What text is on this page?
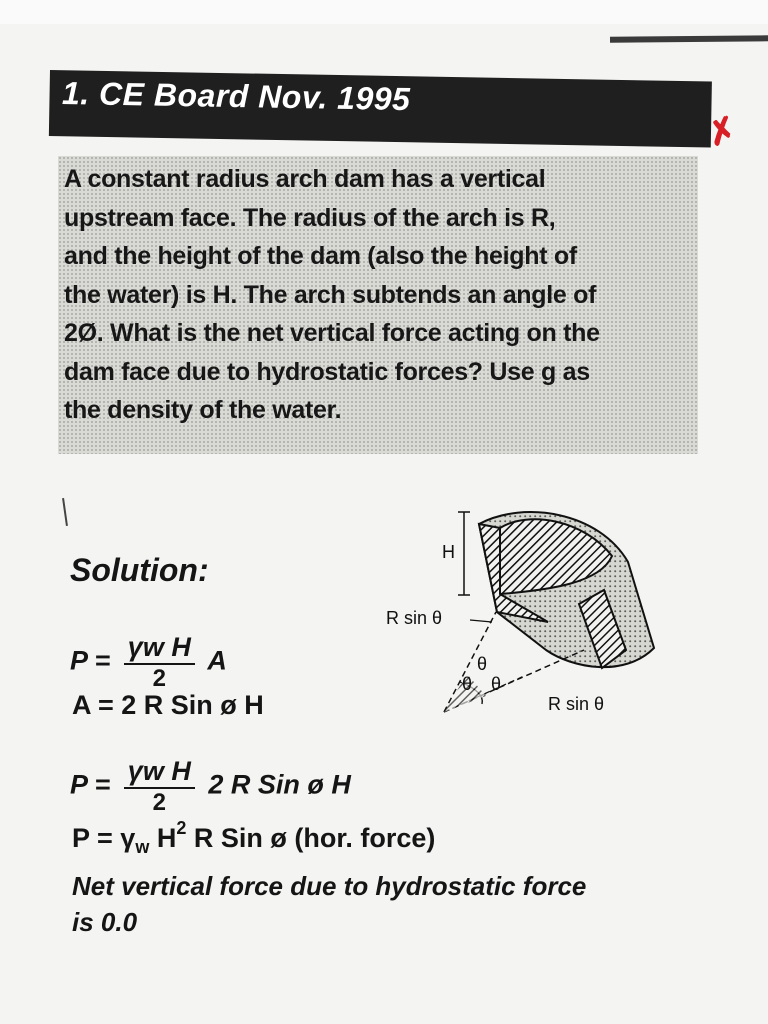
1. CE Board Nov. 1995
✗

A constant radius arch dam has a vertical
upstream face. The radius of the arch is R,
and the height of the dam (also the height of
the water) is H. The arch subtends an angle of
2Ø. What is the net vertical force acting on the
dam face due to hydrostatic forces? Use g as
the density of the water.

Solution:
$P = \frac{\text{γw H}}{2}$ A
A = 2 R Sin ø H
$P = \frac{\text{γw H}}{2} 2$ R Sin ø H
$P = \gamma_w$ $H^2$ R Sin ø (hor. force)

Net vertical force due to hydrostatic force
is 0.0

H
R sin θ
θ
θ θ
R sin θ
